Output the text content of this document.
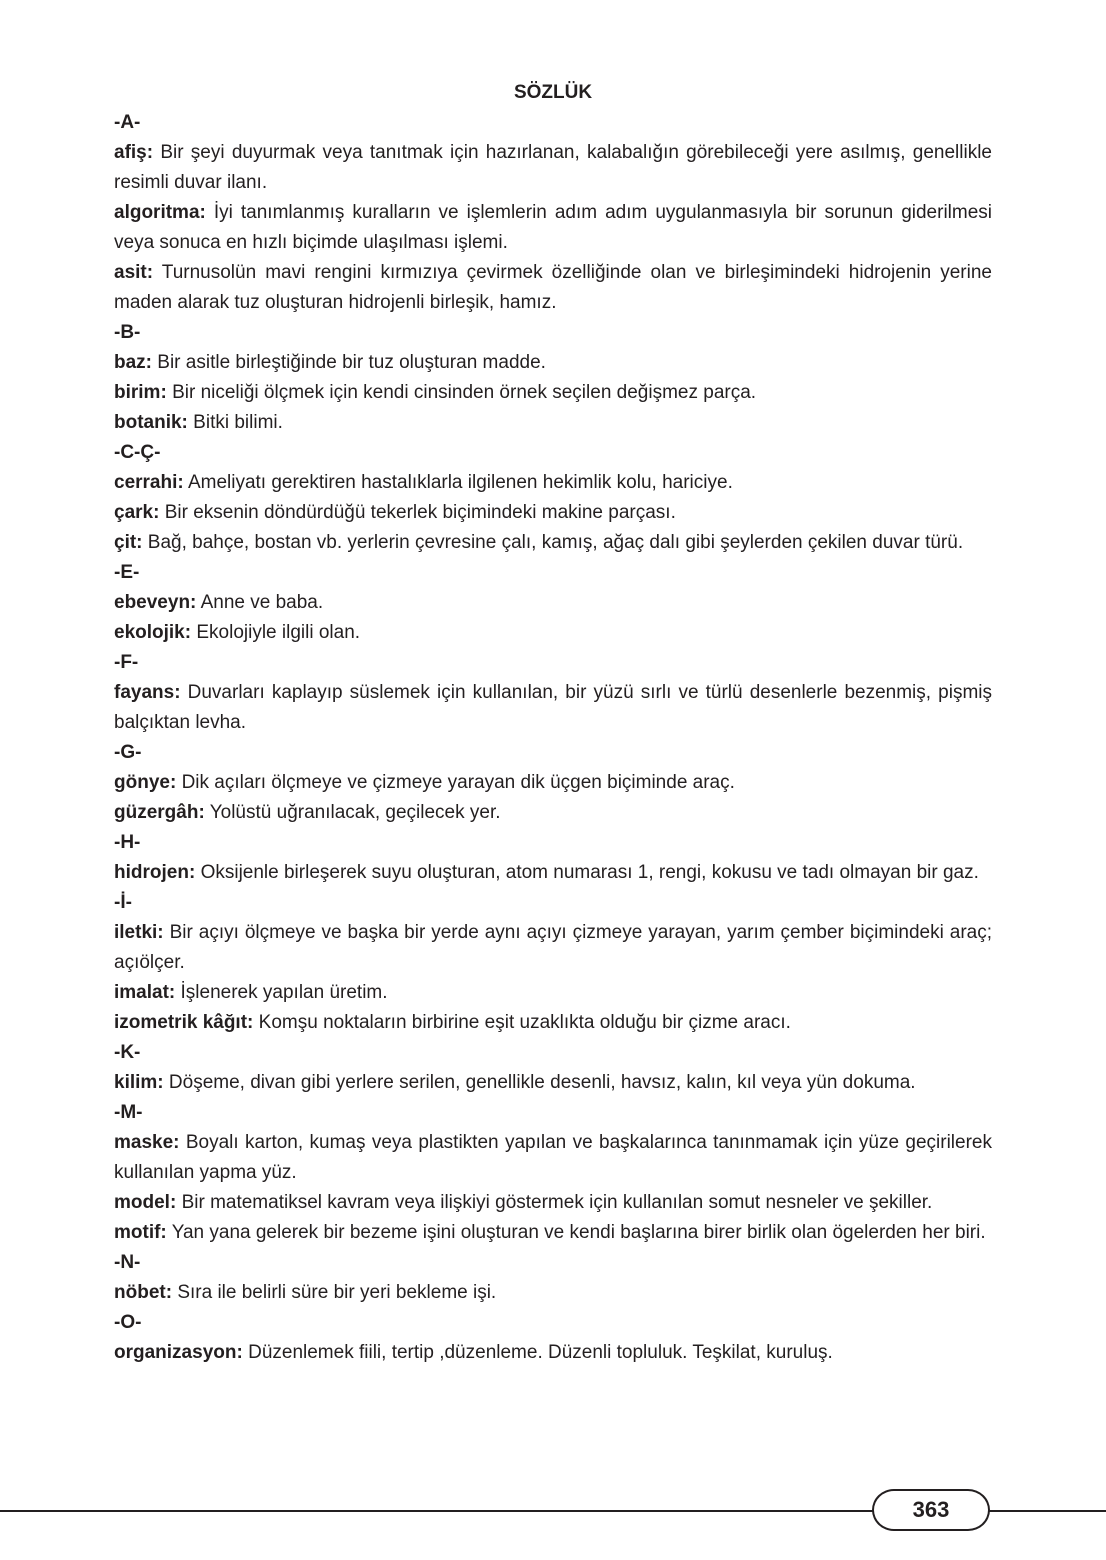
SÖZLÜK

-A-

afiş: Bir şeyi duyurmak veya tanıtmak için hazırlanan, kalabalığın görebileceği yere asılmış, genellikle resimli duvar ilanı.

algoritma: İyi tanımlanmış kuralların ve işlemlerin adım adım uygulanmasıyla bir sorunun giderilmesi veya sonuca en hızlı biçimde ulaşılması işlemi.

asit: Turnusolün mavi rengini kırmızıya çevirmek özelliğinde olan ve birleşimindeki hidrojenin yerine maden alarak tuz oluşturan hidrojenli birleşik, hamız.

-B-

baz: Bir asitle birleştiğinde bir tuz oluşturan madde.

birim: Bir niceliği ölçmek için kendi cinsinden örnek seçilen değişmez parça.

botanik: Bitki bilimi.

-C-Ç-

cerrahi: Ameliyatı gerektiren hastalıklarla ilgilenen hekimlik kolu, hariciye.

çark: Bir eksenin döndürdüğü tekerlek biçimindeki makine parçası.

çit: Bağ, bahçe, bostan vb. yerlerin çevresine çalı, kamış, ağaç dalı gibi şeylerden çekilen duvar türü.

-E-

ebeveyn: Anne ve baba.

ekolojik: Ekolojiyle ilgili olan.

-F-

fayans: Duvarları kaplayıp süslemek için kullanılan, bir yüzü sırlı ve türlü desenlerle bezenmiş, pişmiş balçıktan levha.

-G-

gönye: Dik açıları ölçmeye ve çizmeye yarayan dik üçgen biçiminde araç.

güzergâh: Yolüstü uğranılacak, geçilecek yer.

-H-

hidrojen: Oksijenle birleşerek suyu oluşturan, atom numarası 1, rengi, kokusu ve tadı olmayan bir gaz.

-İ-

iletki: Bir açıyı ölçmeye ve başka bir yerde aynı açıyı çizmeye yarayan, yarım çember biçimindeki araç; açıölçer.

imalat: İşlenerek yapılan üretim.

izometrik kâğıt: Komşu noktaların birbirine eşit uzaklıkta olduğu bir çizme aracı.

-K-

kilim: Döşeme, divan gibi yerlere serilen, genellikle desenli, havsız, kalın, kıl veya yün dokuma.

-M-

maske: Boyalı karton, kumaş veya plastikten yapılan ve başkalarınca tanınmamak için yüze geçirilerek kullanılan yapma yüz.

model: Bir matematiksel kavram veya ilişkiyi göstermek için kullanılan somut nesneler ve şekiller.

motif: Yan yana gelerek bir bezeme işini oluşturan ve kendi başlarına birer birlik olan ögelerden her biri.

-N-

nöbet: Sıra ile belirli süre bir yeri bekleme işi.

-O-

organizasyon: Düzenlemek fiili, tertip ,düzenleme. Düzenli topluluk. Teşkilat, kuruluş.

363
